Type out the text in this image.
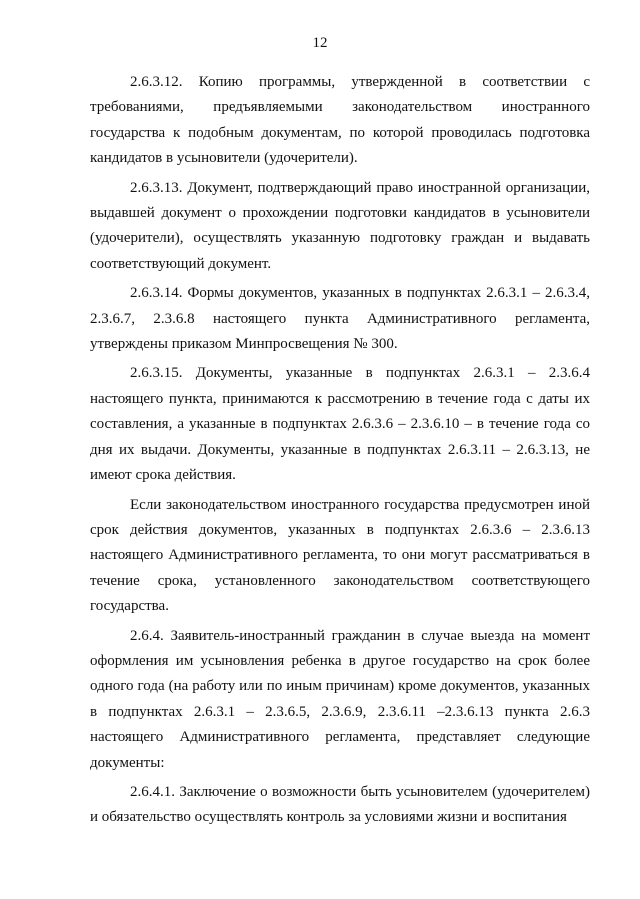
12

2.6.3.12. Копию программы, утвержденной в соответствии с требованиями, предъявляемыми законодательством иностранного государства к подобным документам, по которой проводилась подготовка кандидатов в усыновители (удочерители).

2.6.3.13. Документ, подтверждающий право иностранной организации, выдавшей документ о прохождении подготовки кандидатов в усыновители (удочерители), осуществлять указанную подготовку граждан и выдавать соответствующий документ.

2.6.3.14. Формы документов, указанных в подпунктах 2.6.3.1 – 2.6.3.4, 2.3.6.7, 2.3.6.8 настоящего пункта Административного регламента, утверждены приказом Минпросвещения № 300.

2.6.3.15. Документы, указанные в подпунктах 2.6.3.1 – 2.3.6.4 настоящего пункта, принимаются к рассмотрению в течение года с даты их составления, а указанные в подпунктах 2.6.3.6 – 2.3.6.10 – в течение года со дня их выдачи. Документы, указанные в подпунктах 2.6.3.11 – 2.6.3.13, не имеют срока действия.

Если законодательством иностранного государства предусмотрен иной срок действия документов, указанных в подпунктах 2.6.3.6 – 2.3.6.13 настоящего Административного регламента, то они могут рассматриваться в течение срока, установленного законодательством соответствующего государства.

2.6.4. Заявитель-иностранный гражданин в случае выезда на момент оформления им усыновления ребенка в другое государство на срок более одного года (на работу или по иным причинам) кроме документов, указанных в подпунктах 2.6.3.1 – 2.3.6.5, 2.3.6.9, 2.3.6.11 –2.3.6.13 пункта 2.6.3 настоящего Административного регламента, представляет следующие документы:

2.6.4.1. Заключение о возможности быть усыновителем (удочерителем) и обязательство осуществлять контроль за условиями жизни и воспитания
